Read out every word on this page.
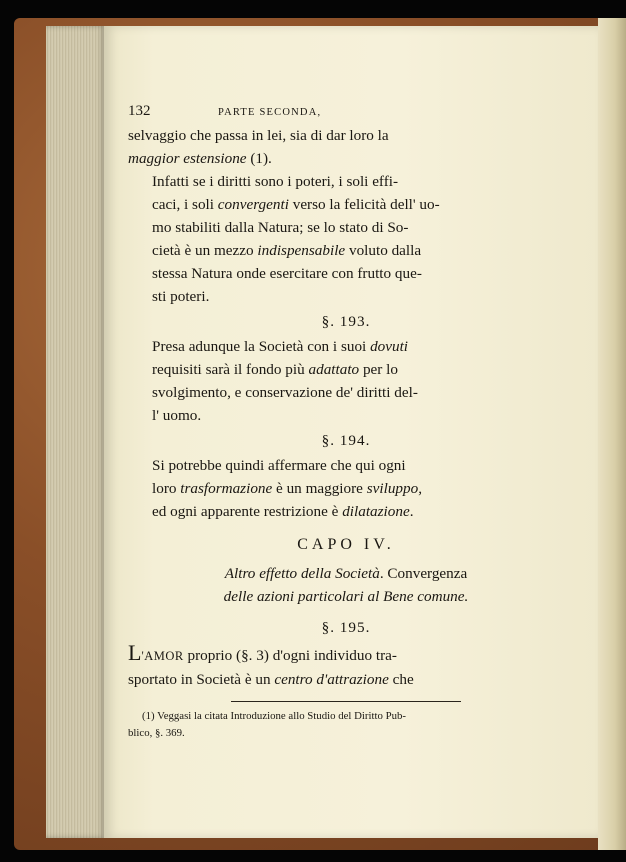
132	PARTE SECONDA,

selvaggio che passa in lei, sia di dar loro la
maggior estensione (1).

Infatti se i diritti sono i poteri, i soli effi-
caci, i soli convergenti verso la felicità dell' uo-
mo stabiliti dalla Natura; se lo stato di So-
cietà è un mezzo indispensabile voluto dalla
stessa Natura onde esercitare con frutto que-
sti poteri.

§. 193.

Presa adunque la Società con i suoi dovuti
requisiti sarà il fondo più adattato per lo
svolgimento, e conservazione de' diritti del-
l' uomo.

§. 194.

Si potrebbe quindi affermare che qui ogni
loro trasformazione è un maggiore sviluppo,
ed ogni apparente restrizione è dilatazione.

CAPO IV.
Altro effetto della Società. Convergenza
delle azioni particolari al Bene comune.
§. 195.

L'AMOR proprio (§. 3) d'ogni individuo tra-
sportato in Società è un centro d'attrazione che

(1) Veggasi la citata Introduzione allo Studio del Diritto Pub-
blico, §. 369.
